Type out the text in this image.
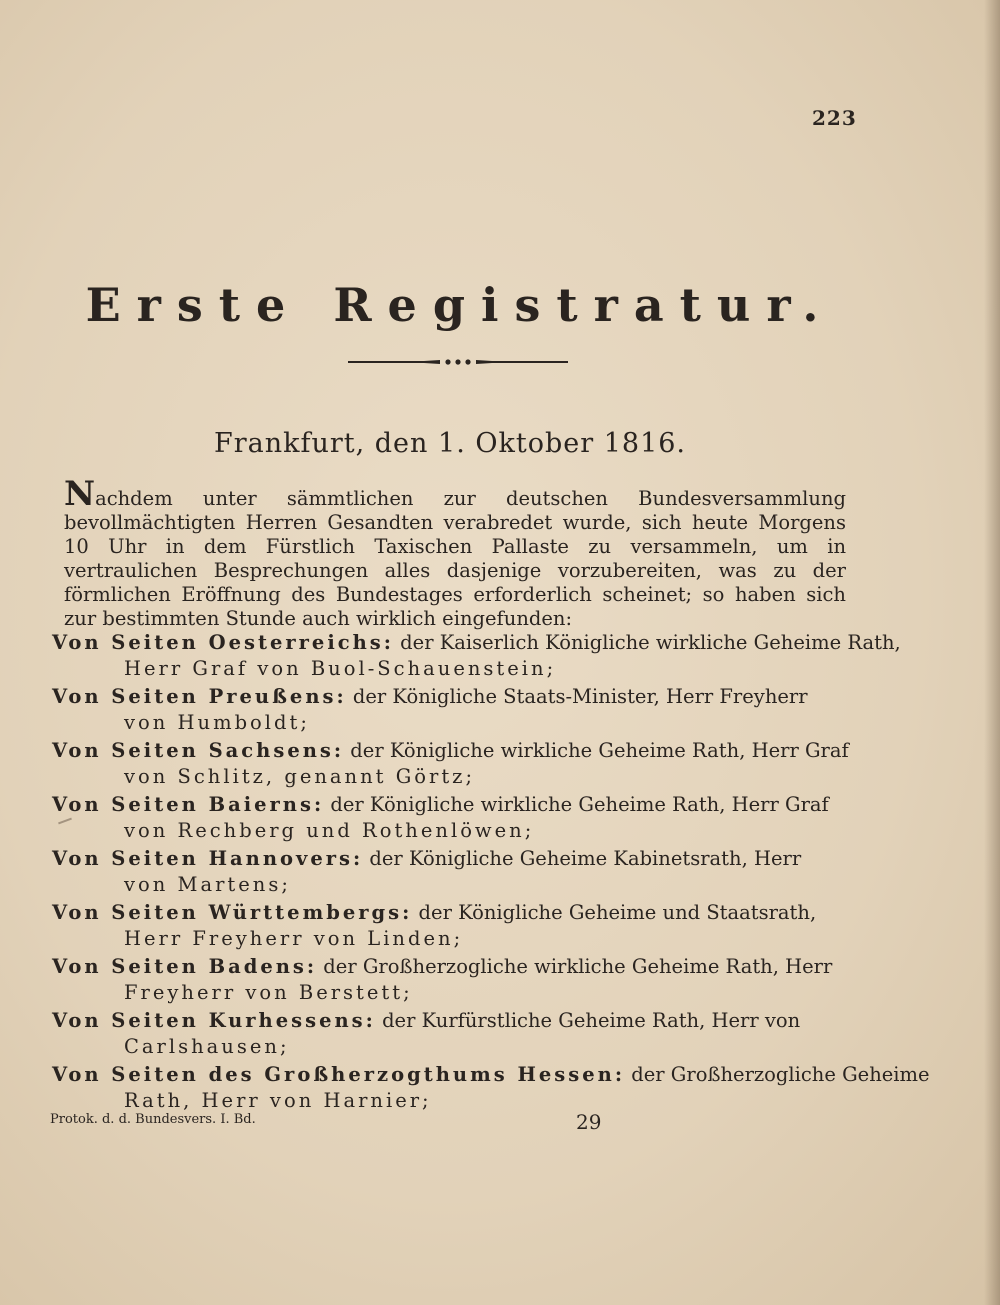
223
Erste Registratur.
Frankfurt, den 1. Oktober 1816.
Nachdem unter sämmtlichen zur deutschen Bundesversammlung bevollmächtigten Herren Gesandten verabredet wurde, sich heute Morgens 10 Uhr in dem Fürstlich Taxischen Pallaste zu versammeln, um in vertraulichen Besprechungen alles dasjenige vorzubereiten, was zu der förmlichen Eröffnung des Bundestages erforderlich scheinet; so haben sich zur bestimmten Stunde auch wirklich eingefunden:
Von Seiten Oesterreichs: der Kaiserlich Königliche wirkliche Geheime Rath,
Herr Graf von Buol-Schauenstein;
Von Seiten Preußens: der Königliche Staats-Minister, Herr Freyherr
von Humboldt;
Von Seiten Sachsens: der Königliche wirkliche Geheime Rath, Herr Graf
von Schlitz, genannt Görtz;
Von Seiten Baierns: der Königliche wirkliche Geheime Rath, Herr Graf
von Rechberg und Rothenlöwen;
Von Seiten Hannovers: der Königliche Geheime Kabinetsrath, Herr
von Martens;
Von Seiten Württembergs: der Königliche Geheime und Staatsrath,
Herr Freyherr von Linden;
Von Seiten Badens: der Großherzogliche wirkliche Geheime Rath, Herr
Freyherr von Berstett;
Von Seiten Kurhessens: der Kurfürstliche Geheime Rath, Herr von
Carlshausen;
Von Seiten des Großherzogthums Hessen: der Großherzogliche Geheime
Rath, Herr von Harnier;
Protok. d. d. Bundesvers. I. Bd.	29
